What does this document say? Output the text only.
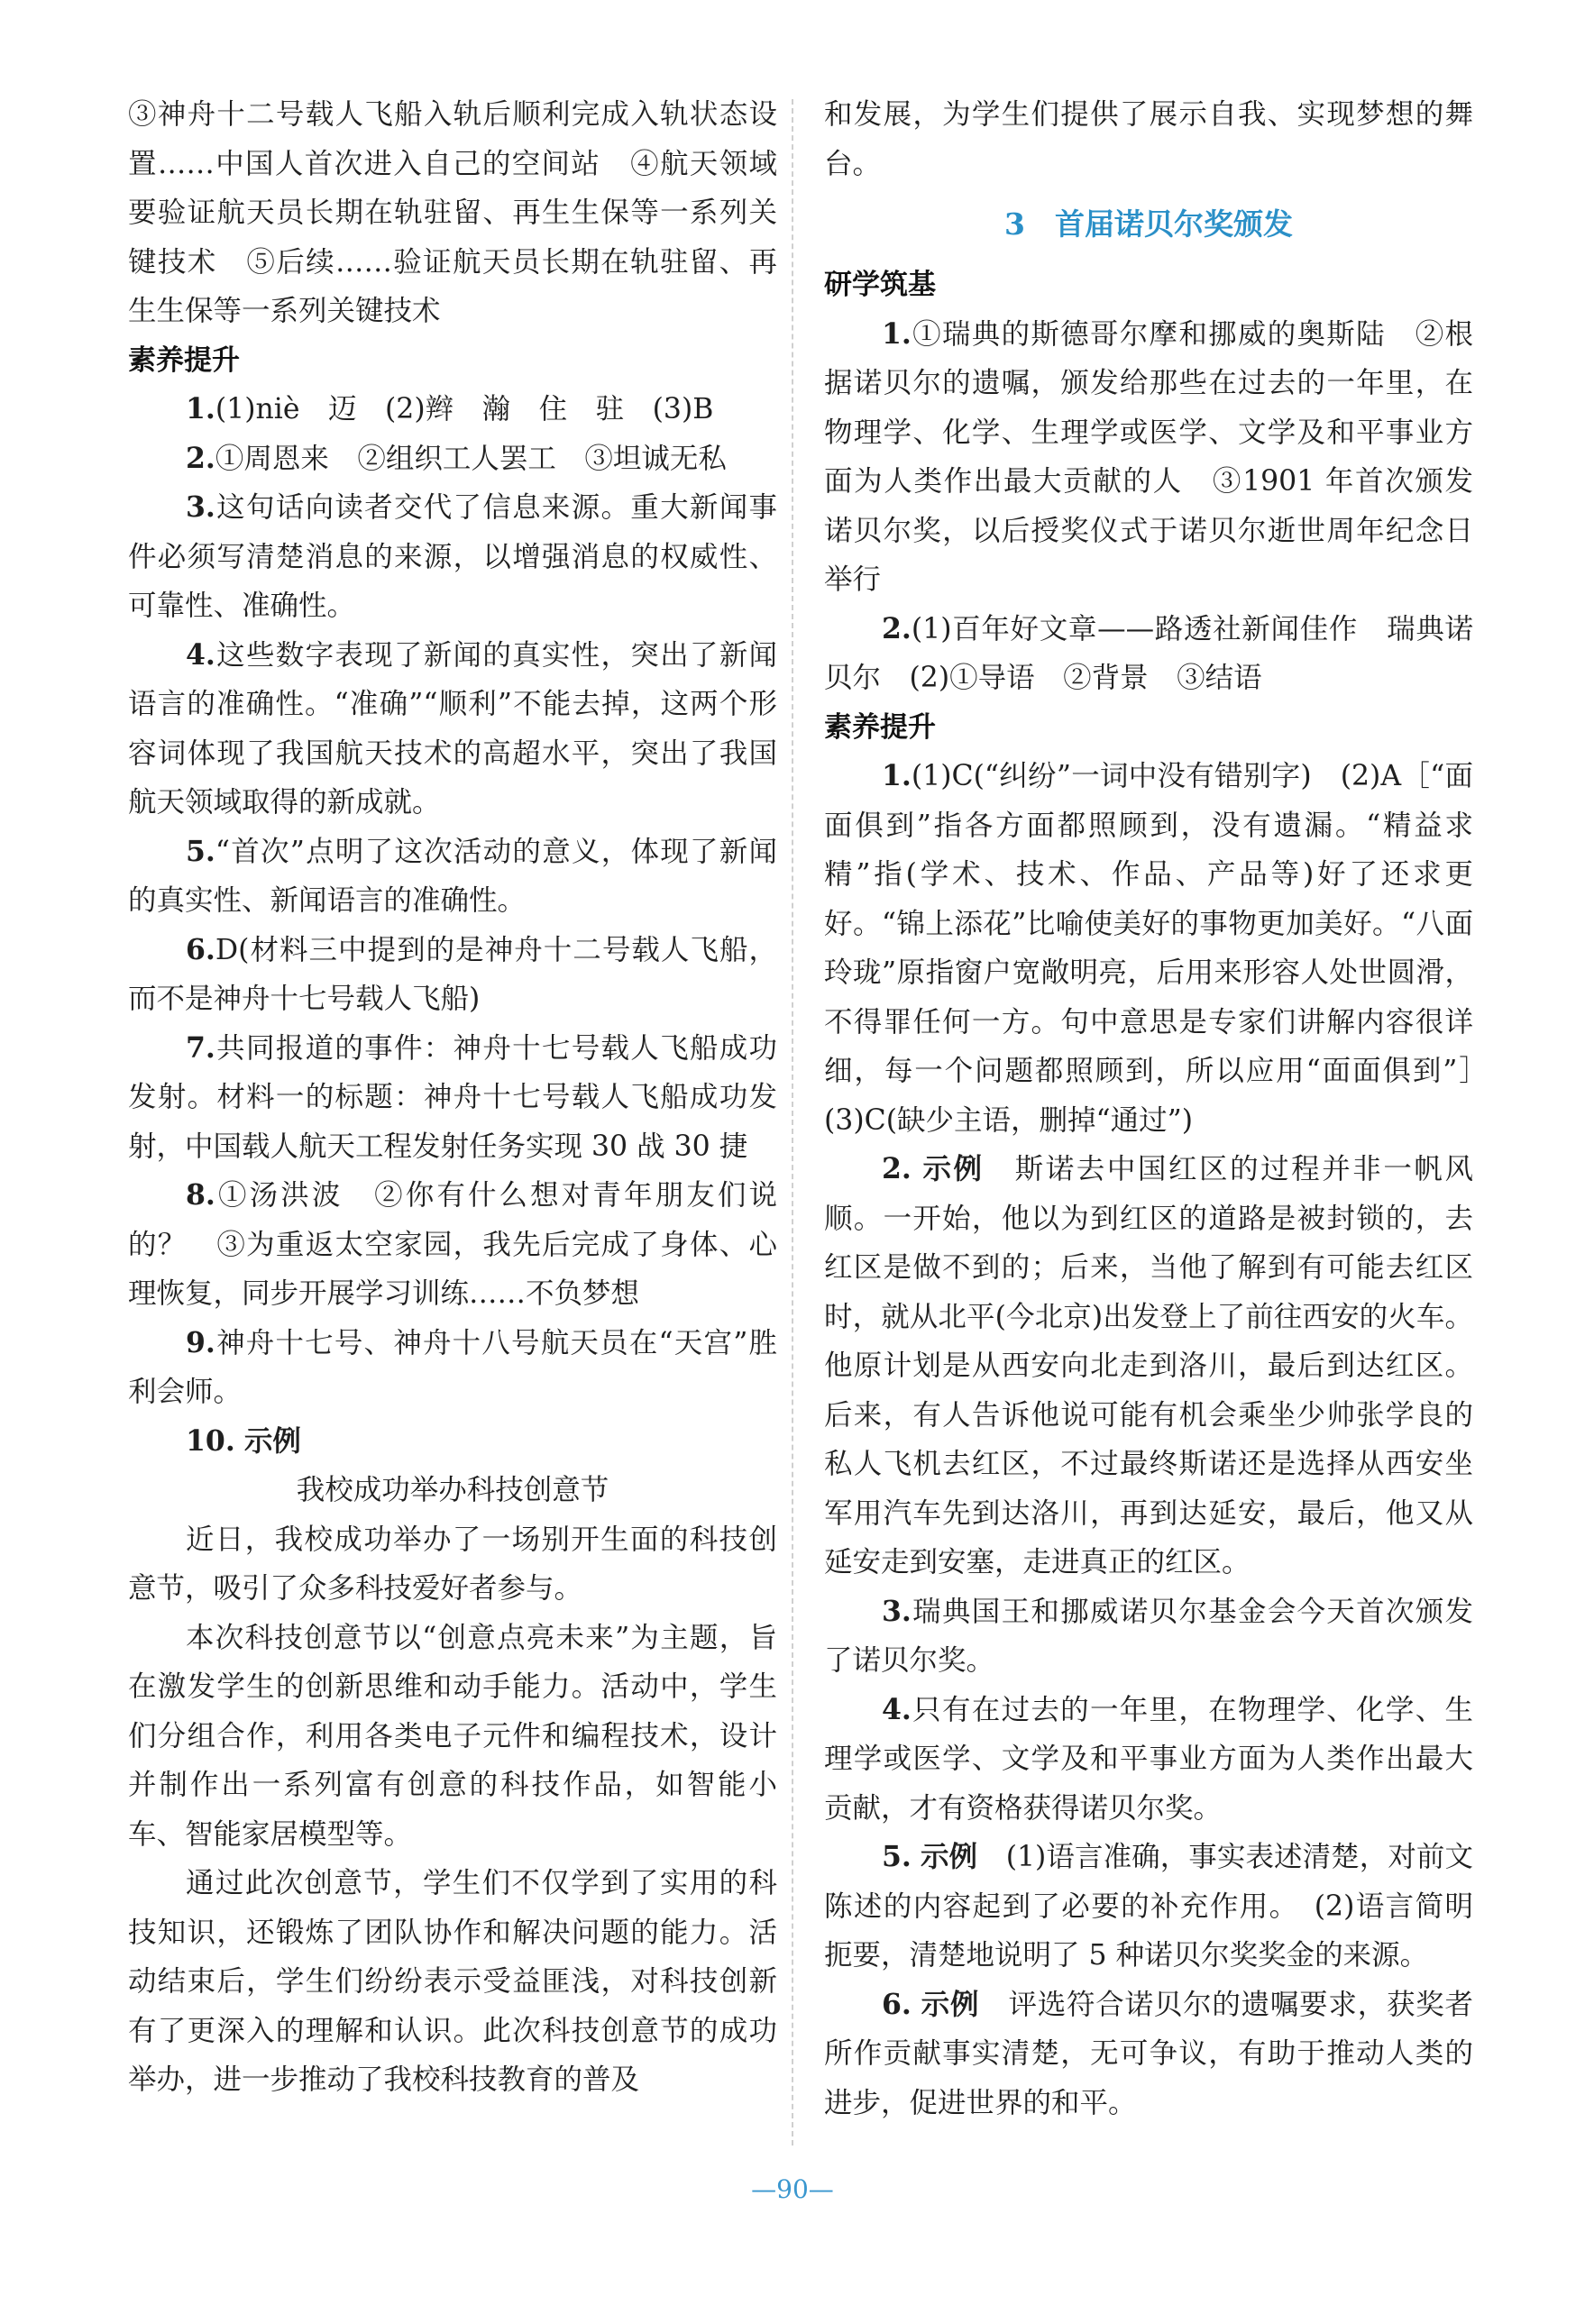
③神舟十二号载人飞船入轨后顺利完成入轨状态设置……中国人首次进入自己的空间站　④航天领域要验证航天员长期在轨驻留、再生生保等一系列关键技术　⑤后续……验证航天员长期在轨驻留、再生生保等一系列关键技术

素养提升

1.(1)niè　迈　(2)辫　瀚　住　驻　(3)B

2.①周恩来　②组织工人罢工　③坦诚无私

3.这句话向读者交代了信息来源。重大新闻事件必须写清楚消息的来源，以增强消息的权威性、可靠性、准确性。

4.这些数字表现了新闻的真实性，突出了新闻语言的准确性。“准确”“顺利”不能去掉，这两个形容词体现了我国航天技术的高超水平，突出了我国航天领域取得的新成就。

5.“首次”点明了这次活动的意义，体现了新闻的真实性、新闻语言的准确性。

6.D(材料三中提到的是神舟十二号载人飞船，而不是神舟十七号载人飞船)

7.共同报道的事件：神舟十七号载人飞船成功发射。材料一的标题：神舟十七号载人飞船成功发射，中国载人航天工程发射任务实现 30 战 30 捷

8.①汤洪波　②你有什么想对青年朋友们说的？　③为重返太空家园，我先后完成了身体、心理恢复，同步开展学习训练……不负梦想

9.神舟十七号、神舟十八号航天员在“天宫”胜利会师。

10. 示例

我校成功举办科技创意节

近日，我校成功举办了一场别开生面的科技创意节，吸引了众多科技爱好者参与。

本次科技创意节以“创意点亮未来”为主题，旨在激发学生的创新思维和动手能力。活动中，学生们分组合作，利用各类电子元件和编程技术，设计并制作出一系列富有创意的科技作品，如智能小车、智能家居模型等。

通过此次创意节，学生们不仅学到了实用的科技知识，还锻炼了团队协作和解决问题的能力。活动结束后，学生们纷纷表示受益匪浅，对科技创新有了更深入的理解和认识。此次科技创意节的成功举办，进一步推动了我校科技教育的普及

和发展，为学生们提供了展示自我、实现梦想的舞台。

3　首届诺贝尔奖颁发

研学筑基

1.①瑞典的斯德哥尔摩和挪威的奥斯陆　②根据诺贝尔的遗嘱，颁发给那些在过去的一年里，在物理学、化学、生理学或医学、文学及和平事业方面为人类作出最大贡献的人　③1901 年首次颁发诺贝尔奖，以后授奖仪式于诺贝尔逝世周年纪念日举行

2.(1)百年好文章——路透社新闻佳作　瑞典诺贝尔　(2)①导语　②背景　③结语

素养提升

1.(1)C(“纠纷”一词中没有错别字)　(2)A［“面面俱到”指各方面都照顾到，没有遗漏。“精益求精”指(学术、技术、作品、产品等)好了还求更好。“锦上添花”比喻使美好的事物更加美好。“八面玲珑”原指窗户宽敞明亮，后用来形容人处世圆滑，不得罪任何一方。句中意思是专家们讲解内容很详细，每一个问题都照顾到，所以应用“面面俱到”］　(3)C(缺少主语，删掉“通过”)

2. 示例　 斯诺去中国红区的过程并非一帆风顺。一开始，他以为到红区的道路是被封锁的，去红区是做不到的；后来，当他了解到有可能去红区时，就从北平(今北京)出发登上了前往西安的火车。他原计划是从西安向北走到洛川，最后到达红区。后来，有人告诉他说可能有机会乘坐少帅张学良的私人飞机去红区，不过最终斯诺还是选择从西安坐军用汽车先到达洛川，再到达延安，最后，他又从延安走到安塞，走进真正的红区。

3.瑞典国王和挪威诺贝尔基金会今天首次颁发了诺贝尔奖。

4.只有在过去的一年里，在物理学、化学、生理学或医学、文学及和平事业方面为人类作出最大贡献，才有资格获得诺贝尔奖。

5. 示例　 (1)语言准确，事实表述清楚，对前文陈述的内容起到了必要的补充作用。　(2)语言简明扼要，清楚地说明了 5 种诺贝尔奖奖金的来源。

6. 示例　 评选符合诺贝尔的遗嘱要求，获奖者所作贡献事实清楚，无可争议，有助于推动人类的进步，促进世界的和平。

—90—
